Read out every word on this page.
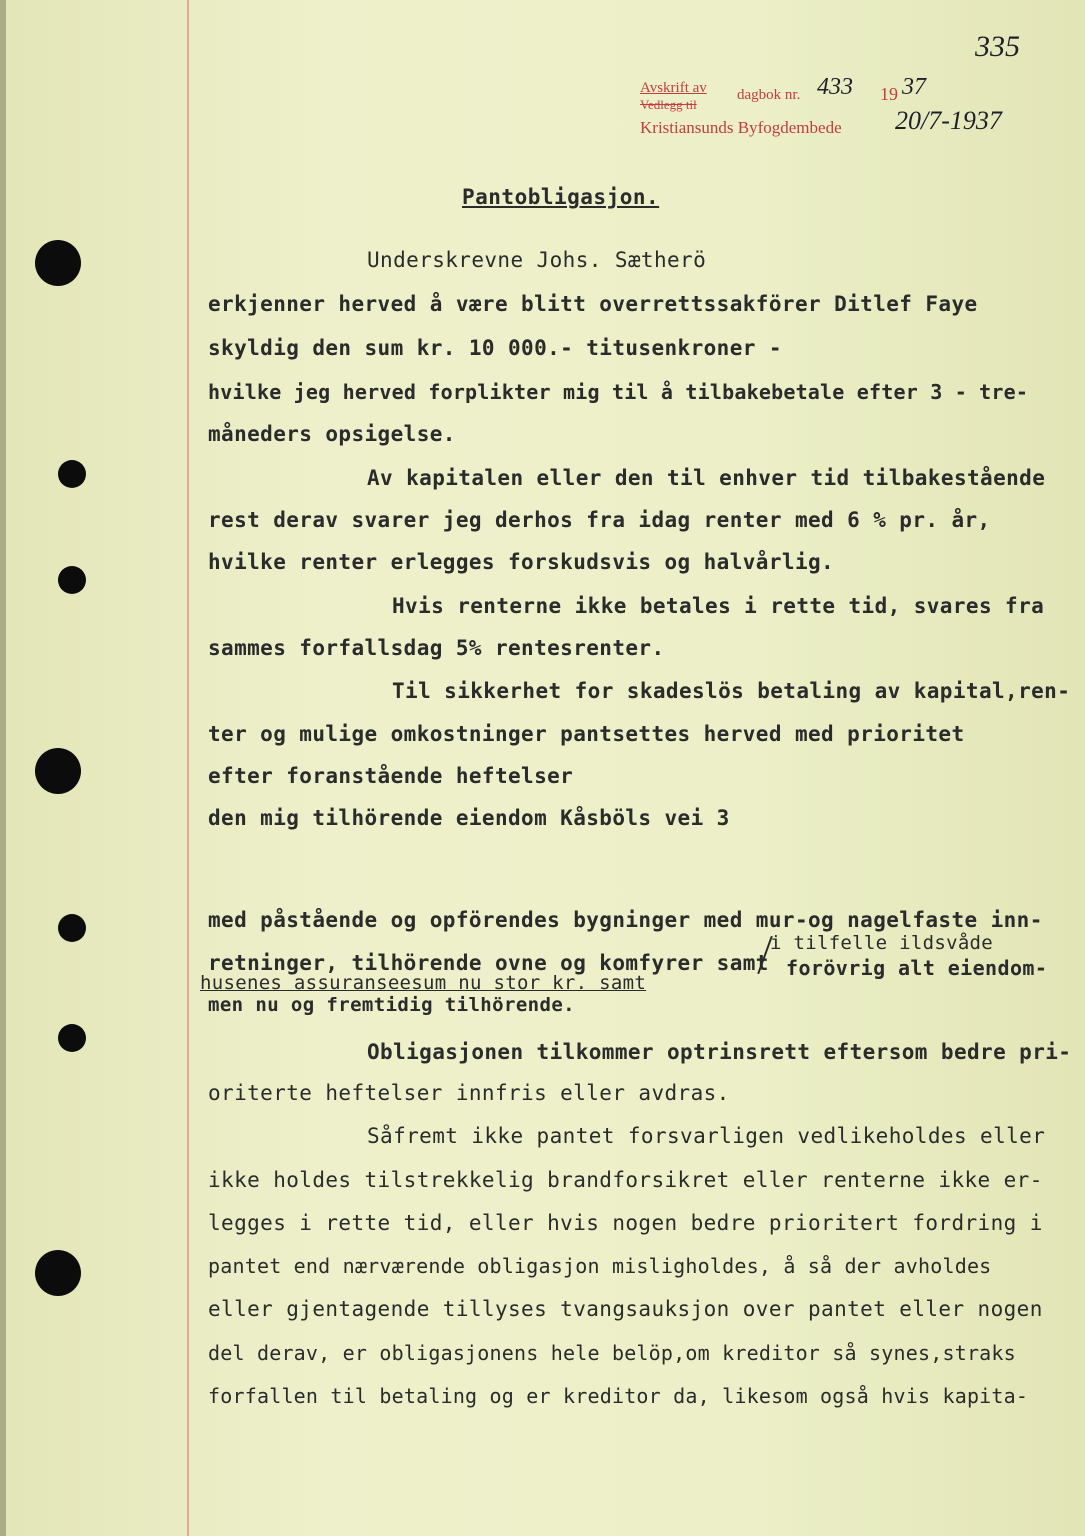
Avskrift av
Vedlegg til
dagbok nr. 433 19 37
335
Kristiansunds Byfogdembede 20/7-1937
Pantobligasjon.
Underskrevne Johs. Sætherö
erkjenner herved å være blitt overrettssakförer Ditlef Faye
skyldig den sum kr. 10 000.- titusenkroner -
hvilke jeg herved forplikter mig til å tilbakebetale efter 3 - tre-
måneders opsigelse.
Av kapitalen eller den til enhver tid tilbakestående
rest derav svarer jeg derhos fra idag renter med 6 % pr. år,
hvilke renter erlegges forskudsvis og halvårlig.
Hvis renterne ikke betales i rette tid, svares fra
sammes forfallsdag 5% rentesrenter.
Til sikkerhet for skadeslös betaling av kapital,ren-
ter og mulige omkostninger pantsettes herved med prioritet
efter foranstående heftelser
den mig tilhörende eiendom Kåsböls vei 3
med påstående og opförendes bygninger med mur-og nagelfaste inn-
i tilfelle ildsvåde
retninger, tilhörende ovne og komfyrer samt forövrig alt eiendom-
husenes assuranseesum nu stor kr. samt
men nu og fremtidig tilhörende.
Obligasjonen tilkommer optrinsrett eftersom bedre pri-
oriterte heftelser innfris eller avdras.
Såfremt ikke pantet forsvarligen vedlikeholdes eller
ikke holdes tilstrekkelig brandforsikret eller renterne ikke er-
legges i rette tid, eller hvis nogen bedre prioritert fordring i
pantet end nærværende obligasjon misligholdes, å så der avholdes
eller gjentagende tillyses tvangsauksjon over pantet eller nogen
del derav, er obligasjonens hele belöp,om kreditor så synes,straks
forfallen til betaling og er kreditor da, likesom også hvis kapita-
